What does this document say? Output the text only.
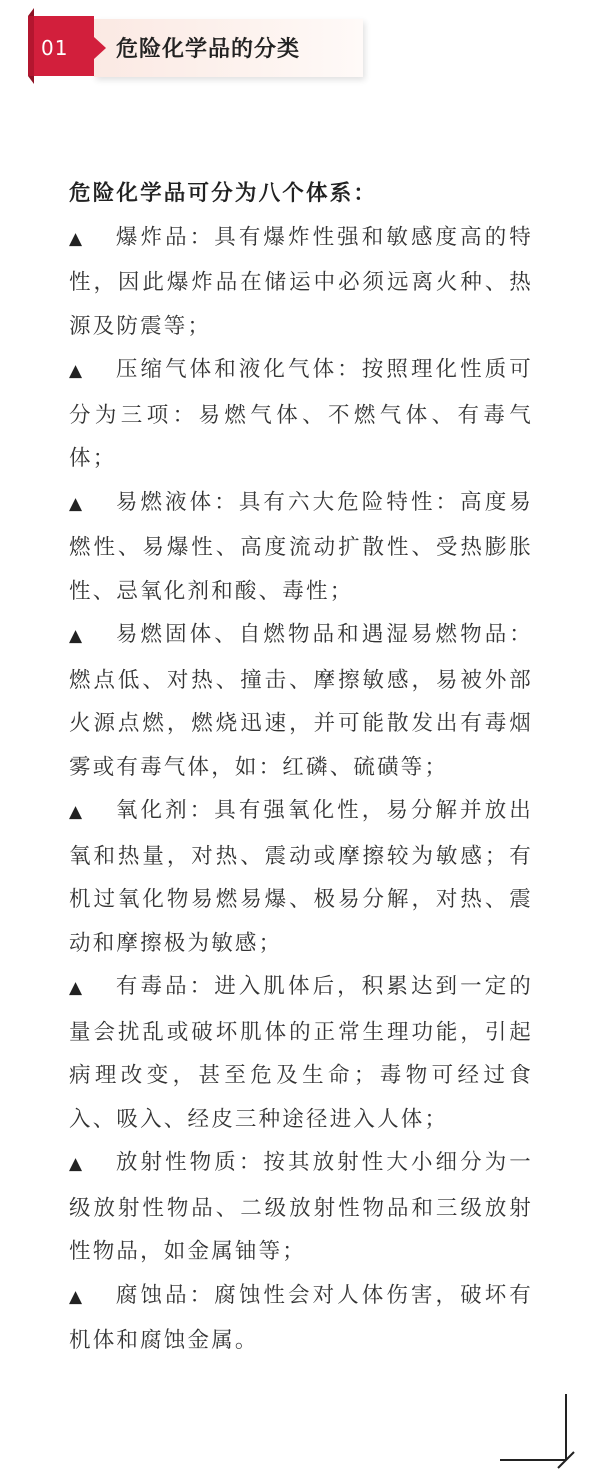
01	危险化学品的分类

危险化学品可分为八个体系：

▲ 爆炸品：具有爆炸性强和敏感度高的特性，因此爆炸品在储运中必须远离火种、热源及防震等；

▲ 压缩气体和液化气体：按照理化性质可分为三项：易燃气体、不燃气体、有毒气体；

▲ 易燃液体：具有六大危险特性：高度易燃性、易爆性、高度流动扩散性、受热膨胀性、忌氧化剂和酸、毒性；

▲ 易燃固体、自燃物品和遇湿易燃物品：燃点低、对热、撞击、摩擦敏感，易被外部火源点燃，燃烧迅速，并可能散发出有毒烟雾或有毒气体，如：红磷、硫磺等；

▲ 氧化剂：具有强氧化性，易分解并放出氧和热量，对热、震动或摩擦较为敏感；有机过氧化物易燃易爆、极易分解，对热、震动和摩擦极为敏感；

▲ 有毒品：进入肌体后，积累达到一定的量会扰乱或破坏肌体的正常生理功能，引起病理改变，甚至危及生命；毒物可经过食入、吸入、经皮三种途径进入人体；

▲ 放射性物质：按其放射性大小细分为一级放射性物品、二级放射性物品和三级放射性物品，如金属铀等；

▲ 腐蚀品：腐蚀性会对人体伤害，破坏有机体和腐蚀金属。
